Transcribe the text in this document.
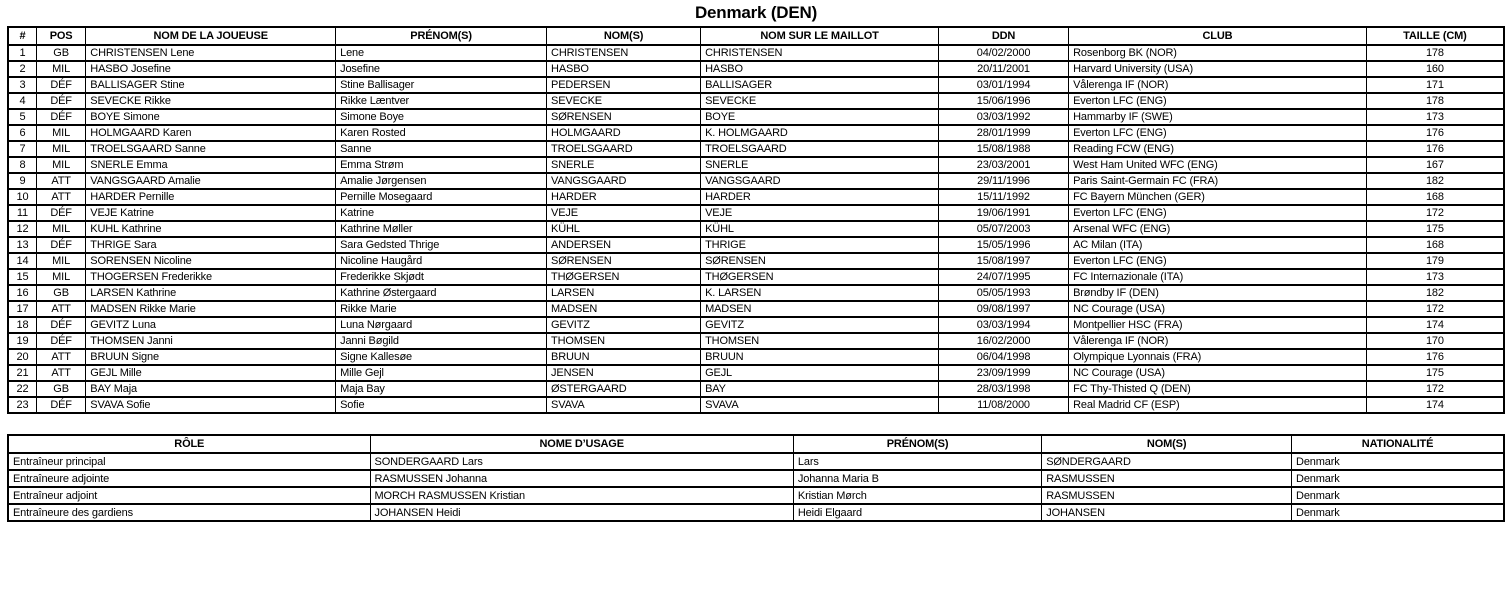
Denmark (DEN)
#	POS	NOM DE LA JOUEUSE	PRÉNOM(S)	NOM(S)	NOM SUR LE MAILLOT	DDN	CLUB	TAILLE (CM)
1	GB	CHRISTENSEN Lene	Lene	CHRISTENSEN	CHRISTENSEN	04/02/2000	Rosenborg BK (NOR)	178
2	MIL	HASBO Josefine	Josefine	HASBO	HASBO	20/11/2001	Harvard University (USA)	160
3	DÉF	BALLISAGER Stine	Stine Ballisager	PEDERSEN	BALLISAGER	03/01/1994	Vålerenga IF (NOR)	171
4	DÉF	SEVECKE Rikke	Rikke Læntver	SEVECKE	SEVECKE	15/06/1996	Everton LFC (ENG)	178
5	DÉF	BOYE Simone	Simone Boye	SØRENSEN	BOYE	03/03/1992	Hammarby IF (SWE)	173
6	MIL	HOLMGAARD Karen	Karen Rosted	HOLMGAARD	K. HOLMGAARD	28/01/1999	Everton LFC (ENG)	176
7	MIL	TROELSGAARD Sanne	Sanne	TROELSGAARD	TROELSGAARD	15/08/1988	Reading FCW (ENG)	176
8	MIL	SNERLE Emma	Emma Strøm	SNERLE	SNERLE	23/03/2001	West Ham United WFC (ENG)	167
9	ATT	VANGSGAARD Amalie	Amalie Jørgensen	VANGSGAARD	VANGSGAARD	29/11/1996	Paris Saint-Germain FC (FRA)	182
10	ATT	HARDER Pernille	Pernille Mosegaard	HARDER	HARDER	15/11/1992	FC Bayern München (GER)	168
11	DÉF	VEJE Katrine	Katrine	VEJE	VEJE	19/06/1991	Everton LFC (ENG)	172
12	MIL	KUHL Kathrine	Kathrine Møller	KÜHL	KÜHL	05/07/2003	Arsenal WFC (ENG)	175
13	DÉF	THRIGE Sara	Sara Gedsted Thrige	ANDERSEN	THRIGE	15/05/1996	AC Milan (ITA)	168
14	MIL	SORENSEN Nicoline	Nicoline Haugård	SØRENSEN	SØRENSEN	15/08/1997	Everton LFC (ENG)	179
15	MIL	THOGERSEN Frederikke	Frederikke Skjødt	THØGERSEN	THØGERSEN	24/07/1995	FC Internazionale (ITA)	173
16	GB	LARSEN Kathrine	Kathrine Østergaard	LARSEN	K. LARSEN	05/05/1993	Brøndby IF (DEN)	182
17	ATT	MADSEN Rikke Marie	Rikke Marie	MADSEN	MADSEN	09/08/1997	NC Courage (USA)	172
18	DÉF	GEVITZ Luna	Luna Nørgaard	GEVITZ	GEVITZ	03/03/1994	Montpellier HSC (FRA)	174
19	DÉF	THOMSEN Janni	Janni Bøgild	THOMSEN	THOMSEN	16/02/2000	Vålerenga IF (NOR)	170
20	ATT	BRUUN Signe	Signe Kallesøe	BRUUN	BRUUN	06/04/1998	Olympique Lyonnais (FRA)	176
21	ATT	GEJL Mille	Mille Gejl	JENSEN	GEJL	23/09/1999	NC Courage (USA)	175
22	GB	BAY Maja	Maja Bay	ØSTERGAARD	BAY	28/03/1998	FC Thy-Thisted Q (DEN)	172
23	DÉF	SVAVA Sofie	Sofie	SVAVA	SVAVA	11/08/2000	Real Madrid CF (ESP)	174
RÔLE	NOME D’USAGE	PRÉNOM(S)	NOM(S)	NATIONALITÉ
Entraîneur principal	SONDERGAARD Lars	Lars	SØNDERGAARD	Denmark
Entraîneure adjointe	RASMUSSEN Johanna	Johanna Maria B	RASMUSSEN	Denmark
Entraîneur adjoint	MORCH RASMUSSEN Kristian	Kristian Mørch	RASMUSSEN	Denmark
Entraîneure des gardiens	JOHANSEN Heidi	Heidi Elgaard	JOHANSEN	Denmark
